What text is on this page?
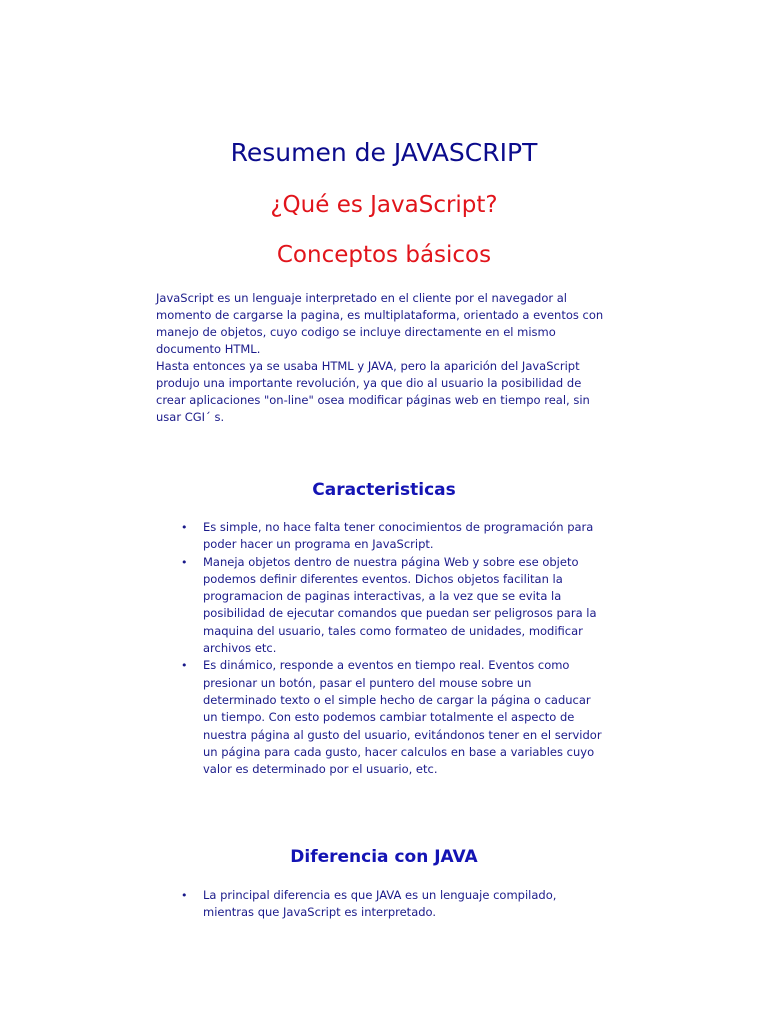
Resumen de JAVASCRIPT
¿Qué es JavaScript?
Conceptos básicos
JavaScript es un lenguaje interpretado en el cliente por el navegador al
momento de cargarse la pagina, es multiplataforma, orientado a eventos con
manejo de objetos, cuyo codigo se incluye directamente en el mismo
documento HTML.
Hasta entonces ya se usaba HTML y JAVA, pero la aparición del JavaScript
produjo una importante revolución, ya que dio al usuario la posibilidad de
crear aplicaciones "on-line" osea modificar páginas web en tiempo real, sin
usar CGI´ s.
Caracteristicas
• Es simple, no hace falta tener conocimientos de programación para
poder hacer un programa en JavaScript.
• Maneja objetos dentro de nuestra página Web y sobre ese objeto
podemos definir diferentes eventos. Dichos objetos facilitan la
programacion de paginas interactivas, a la vez que se evita la
posibilidad de ejecutar comandos que puedan ser peligrosos para la
maquina del usuario, tales como formateo de unidades, modificar
archivos etc.
• Es dinámico, responde a eventos en tiempo real. Eventos como
presionar un botón, pasar el puntero del mouse sobre un
determinado texto o el simple hecho de cargar la página o caducar
un tiempo. Con esto podemos cambiar totalmente el aspecto de
nuestra página al gusto del usuario, evitándonos tener en el servidor
un página para cada gusto, hacer calculos en base a variables cuyo
valor es determinado por el usuario, etc.
Diferencia con JAVA
• La principal diferencia es que JAVA es un lenguaje compilado,
mientras que JavaScript es interpretado.
